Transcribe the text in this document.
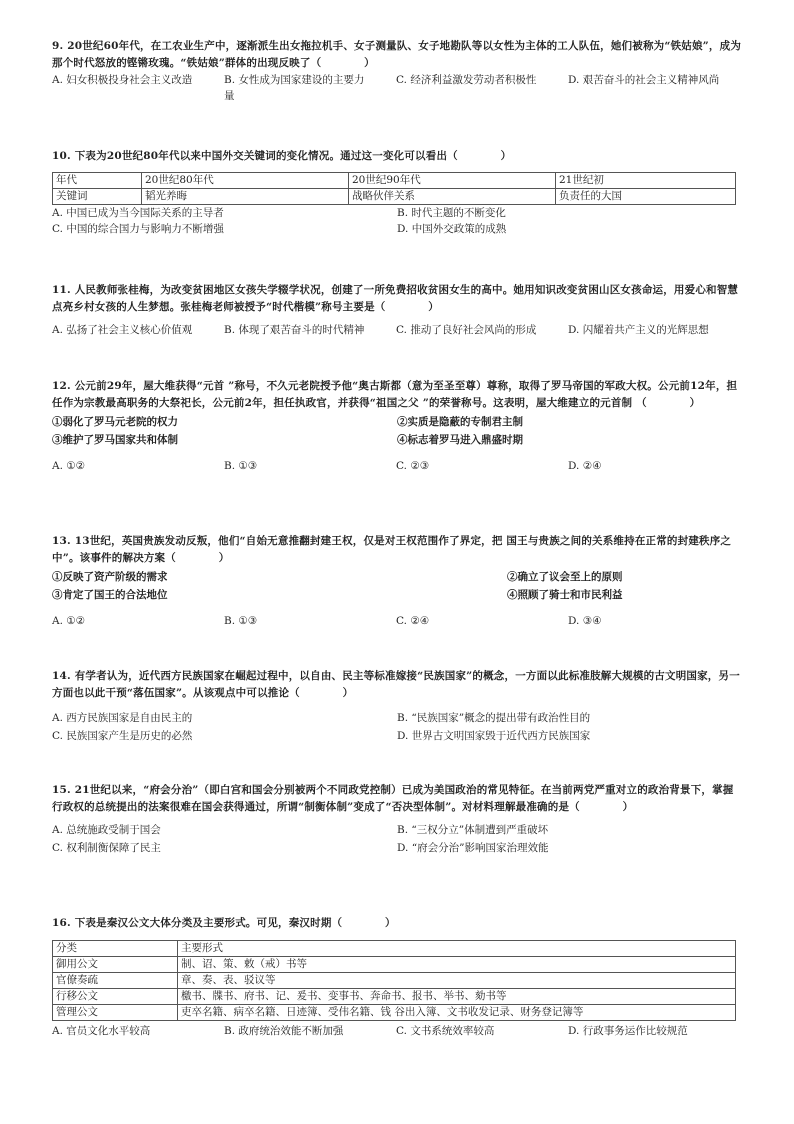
9. 20世纪60年代，在工农业生产中，逐渐派生出女拖拉机手、女子测量队、女子地勘队等以女性为主体的工人队伍，她们被称为“铁姑娘”，成为那个时代怒放的铿锵玫瑰。“铁姑娘”群体的出现反映了（　　　　）
A. 妇女积极投身社会主义改造	B. 女性成为国家建设的主要力量
C. 经济利益激发劳动者积极性	D. 艰苦奋斗的社会主义精神风尚
10. 下表为20世纪80年代以来中国外交关键词的变化情况。通过这一变化可以看出（　　　　）
年代	20世纪80年代	20世纪90年代	21世纪初
关键词	韬光养晦	战略伙伴关系	负责任的大国
A. 中国已成为当今国际关系的主导者	B. 时代主题的不断变化
C. 中国的综合国力与影响力不断增强	D. 中国外交政策的成熟
11. 人民教师张桂梅，为改变贫困地区女孩失学辍学状况，创建了一所免费招收贫困女生的高中。她用知识改变贫困山区女孩命运，用爱心和智慧点亮乡村女孩的人生梦想。张桂梅老师被授予“时代楷模”称号主要是（　　　　）
A. 弘扬了社会主义核心价值观	B. 体现了艰苦奋斗的时代精神	C. 推动了良好社会风尚的形成	D. 闪耀着共产主义的光辉思想
12. 公元前29年，屋大维获得“元首 ”称号，不久元老院授予他“奥古斯都（意为至圣至尊）尊称，取得了罗马帝国的军政大权。公元前12年，担任作为宗教最高职务的大祭祀长，公元前2年，担任执政官，并获得“祖国之父 ”的荣誉称号。这表明，屋大维建立的元首制 （　　　　）
①弱化了罗马元老院的权力	②实质是隐蔽的专制君主制
③维护了罗马国家共和体制	④标志着罗马进入鼎盛时期
A. ①②	B. ①③	C. ②③	D. ②④
13. 13世纪，英国贵族发动反叛，他们“自始无意推翻封建王权，仅是对王权范围作了界定，把 国王与贵族之间的关系维持在正常的封建秩序之中”。该事件的解决方案（　　　　）
①反映了资产阶级的需求	②确立了议会至上的原则
③肯定了国王的合法地位	④照顾了骑士和市民利益
A. ①②	B. ①③	C. ②④	D. ③④
14. 有学者认为，近代西方民族国家在崛起过程中，以自由、民主等标准嫁接“民族国家”的概念，一方面以此标准肢解大规模的古文明国家，另一方面也以此干预“落伍国家”。从该观点中可以推论（　　　　）
A. 西方民族国家是自由民主的	B. “民族国家”概念的提出带有政治性目的
C. 民族国家产生是历史的必然	D. 世界古文明国家毁于近代西方民族国家
15. 21世纪以来，“府会分治”（即白宫和国会分别被两个不同政党控制）已成为美国政治的常见特征。在当前两党严重对立的政治背景下，掌握行政权的总统提出的法案很难在国会获得通过，所谓“制衡体制”变成了“否决型体制”。对材料理解最准确的是（　　　　）
A. 总统施政受制于国会	B. “三权分立”体制遭到严重破坏
C. 权利制衡保障了民主	D. “府会分治”影响国家治理效能
16. 下表是秦汉公文大体分类及主要形式。可见，秦汉时期（　　　　）
分类	主要形式
御用公文	制、诏、策、敕（戒）书等
官僚奏疏	章、奏、表、驳议等
行移公文	檄书、牒书、府书、记、爰书、变事书、奔命书、报书、举书、劾书等
管理公文	吏卒名籍、病卒名籍、日迹簿、受伟名籍、钱 谷出入簿、文书收发记录、财务登记簿等
A. 官员文化水平较高	B. 政府统治效能不断加强	C. 文书系统效率较高	D. 行政事务运作比较规范
